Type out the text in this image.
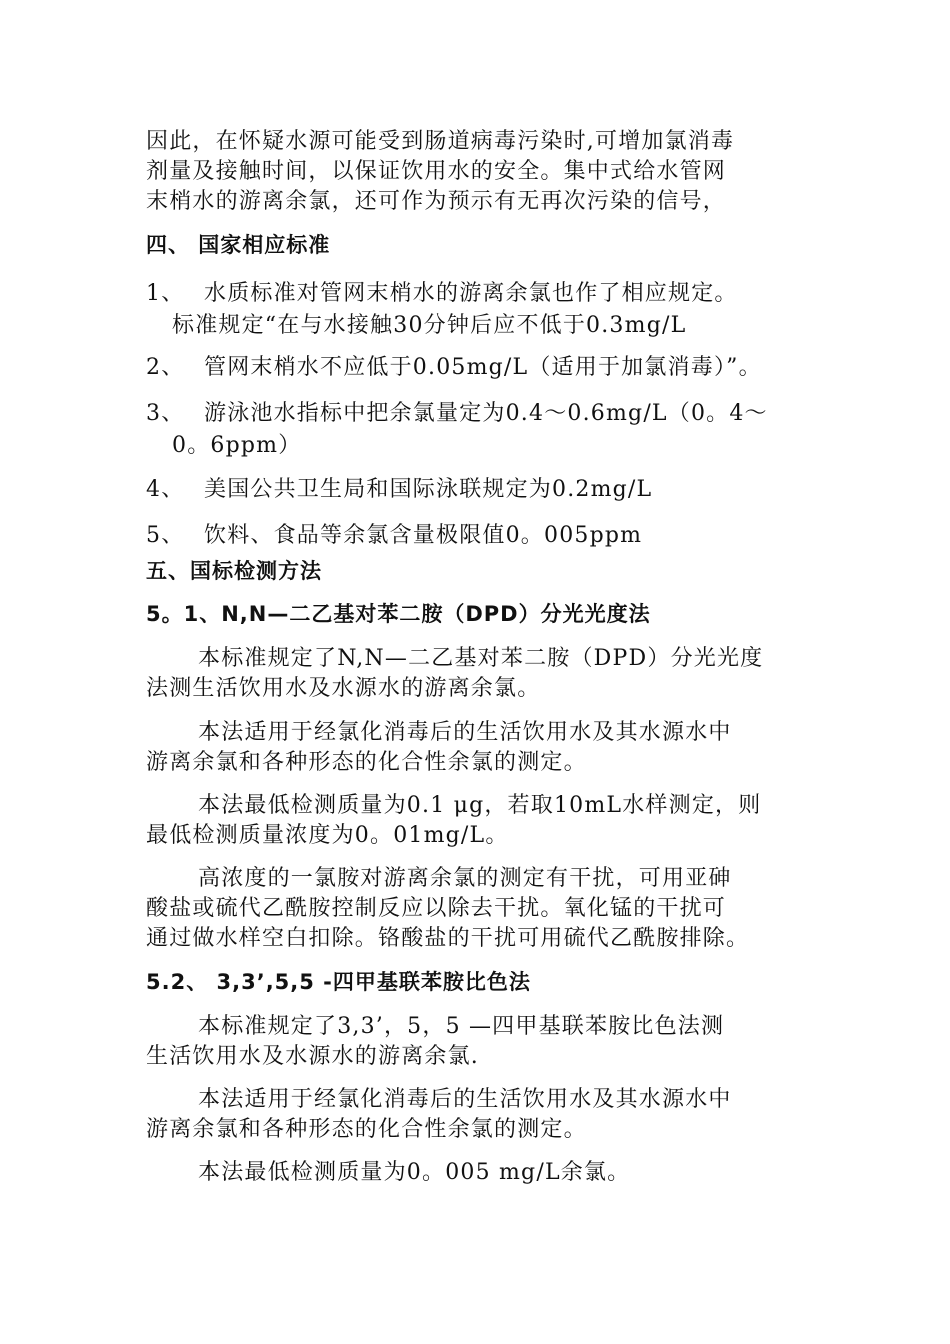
因此，在怀疑水源可能受到肠道病毒污染时,可增加氯消毒
剂量及接触时间，以保证饮用水的安全。集中式给水管网
末梢水的游离余氯，还可作为预示有无再次污染的信号，
四、 国家相应标准
1、 水质标准对管网末梢水的游离余氯也作了相应规定。
标准规定“在与水接触30分钟后应不低于0.3mg/L
2、 管网末梢水不应低于0.05mg/L（适用于加氯消毒）”。
3、 游泳池水指标中把余氯量定为0.4～0.6mg/L（0。4～
0。6ppm）
4、 美国公共卫生局和国际泳联规定为0.2mg/L
5、 饮料、食品等余氯含量极限值0。005ppm
五、国标检测方法
5。1、N,N—二乙基对苯二胺（DPD）分光光度法
本标准规定了N,N—二乙基对苯二胺（DPD）分光光度
法测生活饮用水及水源水的游离余氯。
本法适用于经氯化消毒后的生活饮用水及其水源水中
游离余氯和各种形态的化合性余氯的测定。
本法最低检测质量为0.1 μg，若取10mL水样测定，则
最低检测质量浓度为0。01mg/L。
高浓度的一氯胺对游离余氯的测定有干扰，可用亚砷
酸盐或硫代乙酰胺控制反应以除去干扰。氧化锰的干扰可
通过做水样空白扣除。铬酸盐的干扰可用硫代乙酰胺排除。
5.2、 3,3’,5,5 -四甲基联苯胺比色法
本标准规定了3,3’，5，5 —四甲基联苯胺比色法测
生活饮用水及水源水的游离余氯.
本法适用于经氯化消毒后的生活饮用水及其水源水中
游离余氯和各种形态的化合性余氯的测定。
本法最低检测质量为0。005 mg/L余氯。
